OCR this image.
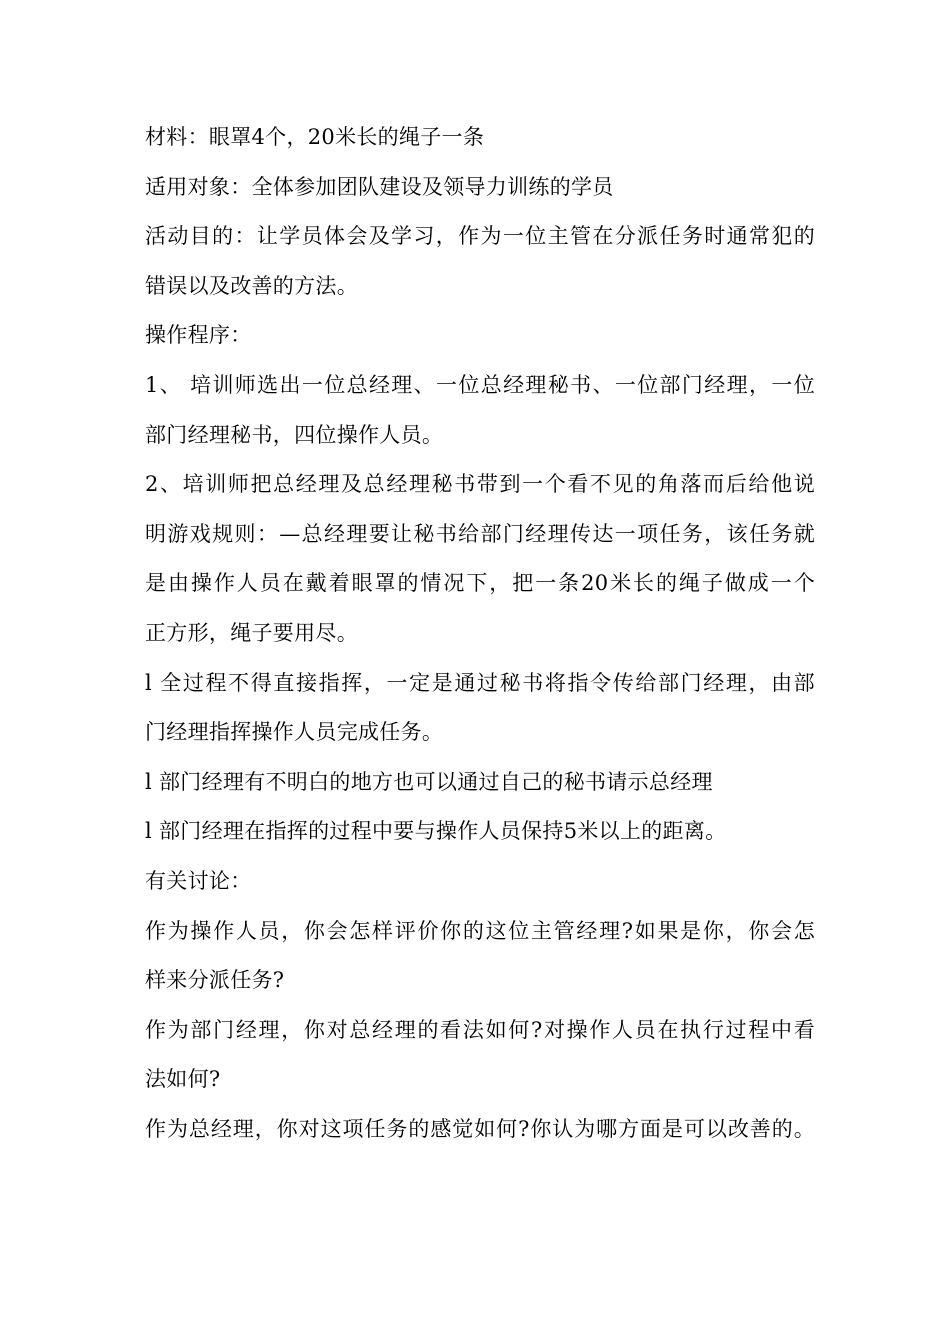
材料：眼罩4个，20米长的绳子一条
适用对象：全体参加团队建设及领导力训练的学员
活动目的：让学员体会及学习，作为一位主管在分派任务时通常犯的
错误以及改善的方法。
操作程序：
1、 培训师选出一位总经理、一位总经理秘书、一位部门经理，一位
部门经理秘书，四位操作人员。
2、培训师把总经理及总经理秘书带到一个看不见的角落而后给他说
明游戏规则：—总经理要让秘书给部门经理传达一项任务，该任务就
是由操作人员在戴着眼罩的情况下，把一条20米长的绳子做成一个
正方形，绳子要用尽。
l 全过程不得直接指挥，一定是通过秘书将指令传给部门经理，由部
门经理指挥操作人员完成任务。
l 部门经理有不明白的地方也可以通过自己的秘书请示总经理
l 部门经理在指挥的过程中要与操作人员保持5米以上的距离。
有关讨论：
作为操作人员，你会怎样评价你的这位主管经理?如果是你，你会怎
样来分派任务?
作为部门经理，你对总经理的看法如何?对操作人员在执行过程中看
法如何?
作为总经理，你对这项任务的感觉如何?你认为哪方面是可以改善的。
